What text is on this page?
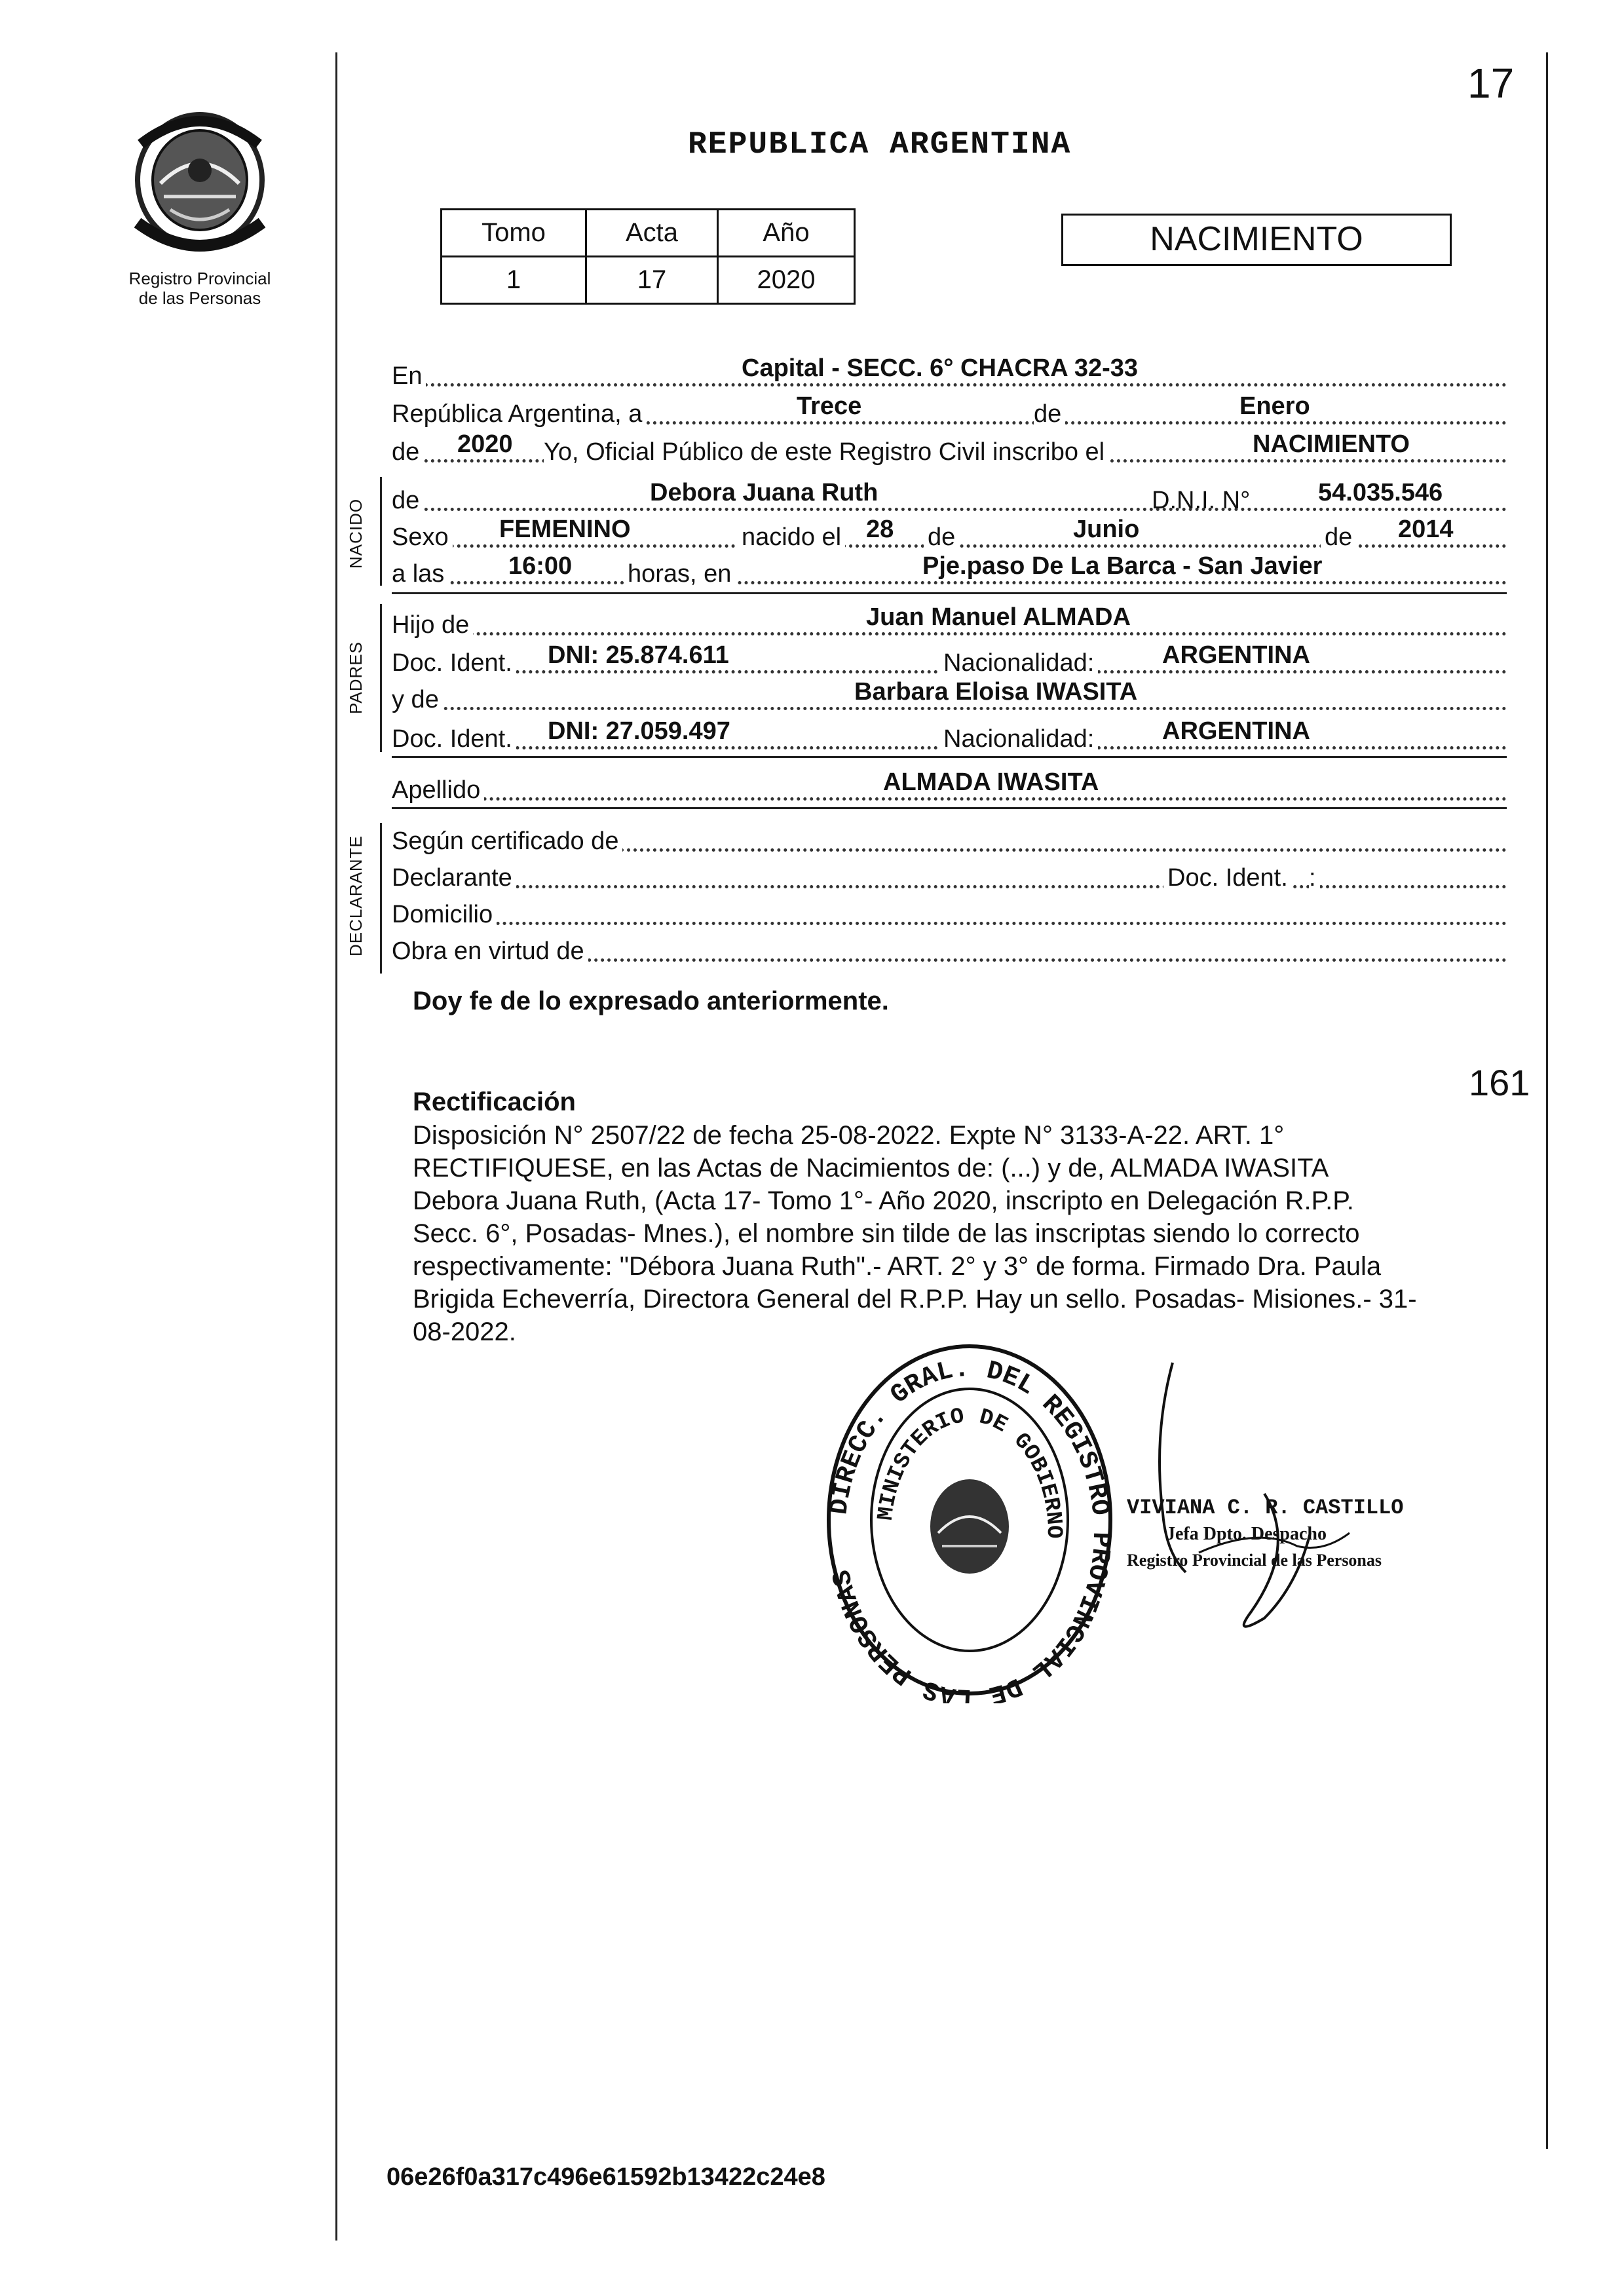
17
Registro Provincial
de las Personas
REPUBLICA ARGENTINA
Tomo	Acta	Año
1	17	2020
NACIMIENTO
En	Capital - SECC. 6° CHACRA 32-33
República Argentina, a	Trece	de	Enero
de 2020 Yo, Oficial Público de este Registro Civil inscribo el	NACIMIENTO
NACIDO de	Debora Juana Ruth	D.N.I. N°	54.035.546
Sexo FEMENINO	nacido el 28 de	Junio	de 2014
a las	16:00 horas, en	Pje.paso De La Barca - San Javier
PADRES
Hijo de	Juan Manuel ALMADA
Doc. Ident. DNI: 25.874.611	Nacionalidad:	ARGENTINA
y de	Barbara Eloisa IWASITA
Doc. Ident. DNI: 27.059.497	Nacionalidad:	ARGENTINA
Apellido	ALMADA IWASITA
DECLARANTE Según certificado de
Declarante	Doc. Ident. :
Domicilio
Obra en virtud de
Doy fe de lo expresado anteriormente.
161
Rectificación
Disposición N° 2507/22 de fecha 25-08-2022. Expte N° 3133-A-22. ART. 1°
RECTIFIQUESE, en las Actas de Nacimientos de: (...) y de, ALMADA IWASITA
Debora Juana Ruth, (Acta 17- Tomo 1°- Año 2020, inscripto en Delegación R.P.P.
Secc. 6°, Posadas- Mnes.), el nombre sin tilde de las inscriptas siendo lo correcto
respectivamente: "Débora Juana Ruth".- ART. 2° y 3° de forma. Firmado Dra. Paula
Brigida Echeverría, Directora General del R.P.P. Hay un sello. Posadas- Misiones.- 31-
08-2022.
DIRECC. GRAL. DEL REGISTRO PROVINCIAL DE LAS PERSONAS
MINISTERIO DE GOBIERNO
VIVIANA C. R. CASTILLO
Jefa Dpto. Despacho
Registro Provincial de las Personas
06e26f0a317c496e61592b13422c24e8
